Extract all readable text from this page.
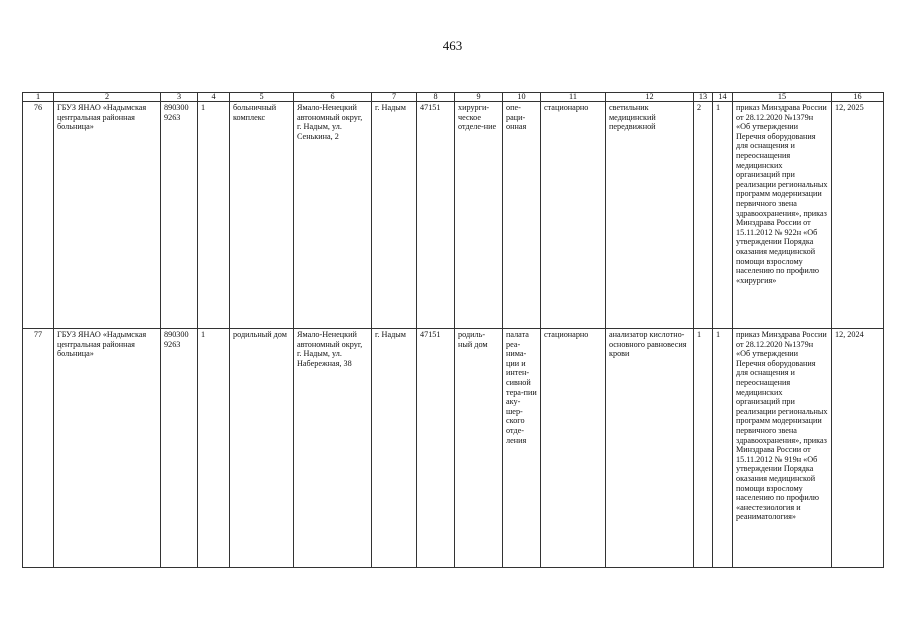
463
1	2	3	4	5	6	7	8	9	10	11	12	13	14	15	16
76	ГБУЗ ЯНАО «Надымская центральная районная больница»	890300 9263	1	больничный комплекс	Ямало-Ненецкий автономный округ, г. Надым, ул. Сенькина, 2	г. Надым	47151	хирурги-ческое отделе-ние	опе-раци-онная	стационарно	светильник медицинский передвижной	2	1	приказ Минздрава России от 28.12.2020 №1379н «Об утверждении Перечня оборудования для оснащения и переоснащения медицинских организаций при реализации региональных программ модернизации первичного звена здравоохранения», приказ Минздрава России от 15.11.2012 № 922н «Об утверждении Порядка оказания медицинской помощи взрослому населению по профилю «хирургия»	12, 2025
77	ГБУЗ ЯНАО «Надымская центральная районная больница»	890300 9263	1	родильный дом	Ямало-Ненецкий автономный округ, г. Надым, ул. Набережная, 38	г. Надым	47151	родиль-ный дом	палата реа-нима-ции и интен-сивной тера-пии аку-шер-ского отде-ления	стационарно	анализатор кислотно-основного равновесия крови	1	1	приказ Минздрава России от 28.12.2020 №1379н «Об утверждении Перечня оборудования для оснащения и переоснащения медицинских организаций при реализации региональных программ модернизации первичного звена здравоохранения», приказ Минздрава России от 15.11.2012 № 919н «Об утверждении Порядка оказания медицинской помощи взрослому населению по профилю «анестезиология и реаниматология»	12, 2024
